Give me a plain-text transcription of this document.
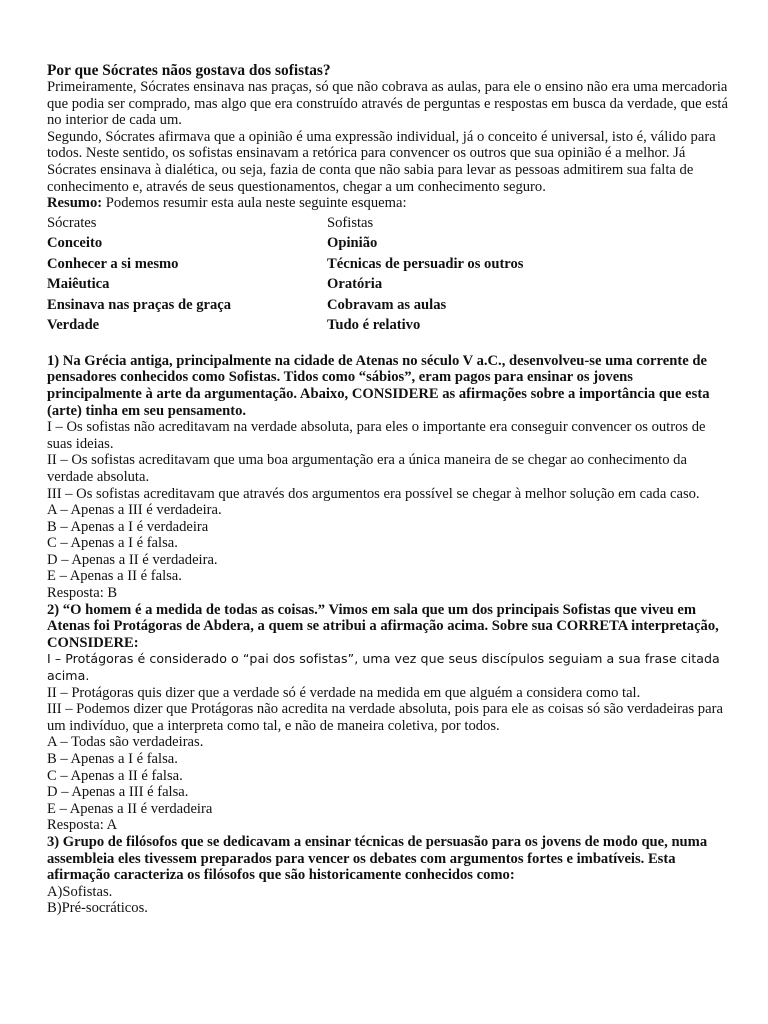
Por que Sócrates nãos gostava dos sofistas?

Primeiramente, Sócrates ensinava nas praças, só que não cobrava as aulas, para ele o ensino não era uma mercadoria que podia ser comprado, mas algo que era construído através de perguntas e respostas em busca da verdade, que está no interior de cada um.

Segundo, Sócrates afirmava que a opinião é uma expressão individual, já o conceito é universal, isto é, válido para todos. Neste sentido, os sofistas ensinavam a retórica para convencer os outros que sua opinião é a melhor. Já Sócrates ensinava à dialética, ou seja, fazia de conta que não sabia para levar as pessoas admitirem sua falta de conhecimento e, através de seus questionamentos, chegar a um conhecimento seguro.

Resumo: Podemos resumir esta aula neste seguinte esquema:

Sócrates	Sofistas
Conceito	Opinião
Conhecer a si mesmo	Técnicas de persuadir os outros
Maiêutica	Oratória
Ensinava nas praças de graça	Cobravam as aulas
Verdade	Tudo é relativo

1) Na Grécia antiga, principalmente na cidade de Atenas no século V a.C., desenvolveu-se uma corrente de pensadores conhecidos como Sofistas. Tidos como “sábios”, eram pagos para ensinar os jovens principalmente à arte da argumentação. Abaixo, CONSIDERE as afirmações sobre a importância que esta (arte) tinha em seu pensamento.

I – Os sofistas não acreditavam na verdade absoluta, para eles o importante era conseguir convencer os outros de suas ideias.

II – Os sofistas acreditavam que uma boa argumentação era a única maneira de se chegar ao conhecimento da verdade absoluta.

III – Os sofistas acreditavam que através dos argumentos era possível se chegar à melhor solução em cada caso.

A – Apenas a III é verdadeira.

B – Apenas a I é verdadeira

C – Apenas a I é falsa.

D – Apenas a II é verdadeira.

E – Apenas a II é falsa.

Resposta: B

2) “O homem é a medida de todas as coisas.” Vimos em sala que um dos principais Sofistas que viveu em Atenas foi Protágoras de Abdera, a quem se atribui a afirmação acima. Sobre sua CORRETA interpretação, CONSIDERE:

I – Protágoras é considerado o “pai dos sofistas”, uma vez que seus discípulos seguiam a sua frase citada acima.

II – Protágoras quis dizer que a verdade só é verdade na medida em que alguém a considera como tal.

III – Podemos dizer que Protágoras não acredita na verdade absoluta, pois para ele as coisas só são verdadeiras para um indivíduo, que a interpreta como tal, e não de maneira coletiva, por todos.

A – Todas são verdadeiras.

B – Apenas a I é falsa.

C – Apenas a II é falsa.

D – Apenas a III é falsa.

E – Apenas a II é verdadeira

Resposta: A

3) Grupo de filósofos que se dedicavam a ensinar técnicas de persuasão para os jovens de modo que, numa assembleia eles tivessem preparados para vencer os debates com argumentos fortes e imbatíveis. Esta afirmação caracteriza os filósofos que são historicamente conhecidos como:

A)Sofistas.

B)Pré-socráticos.
